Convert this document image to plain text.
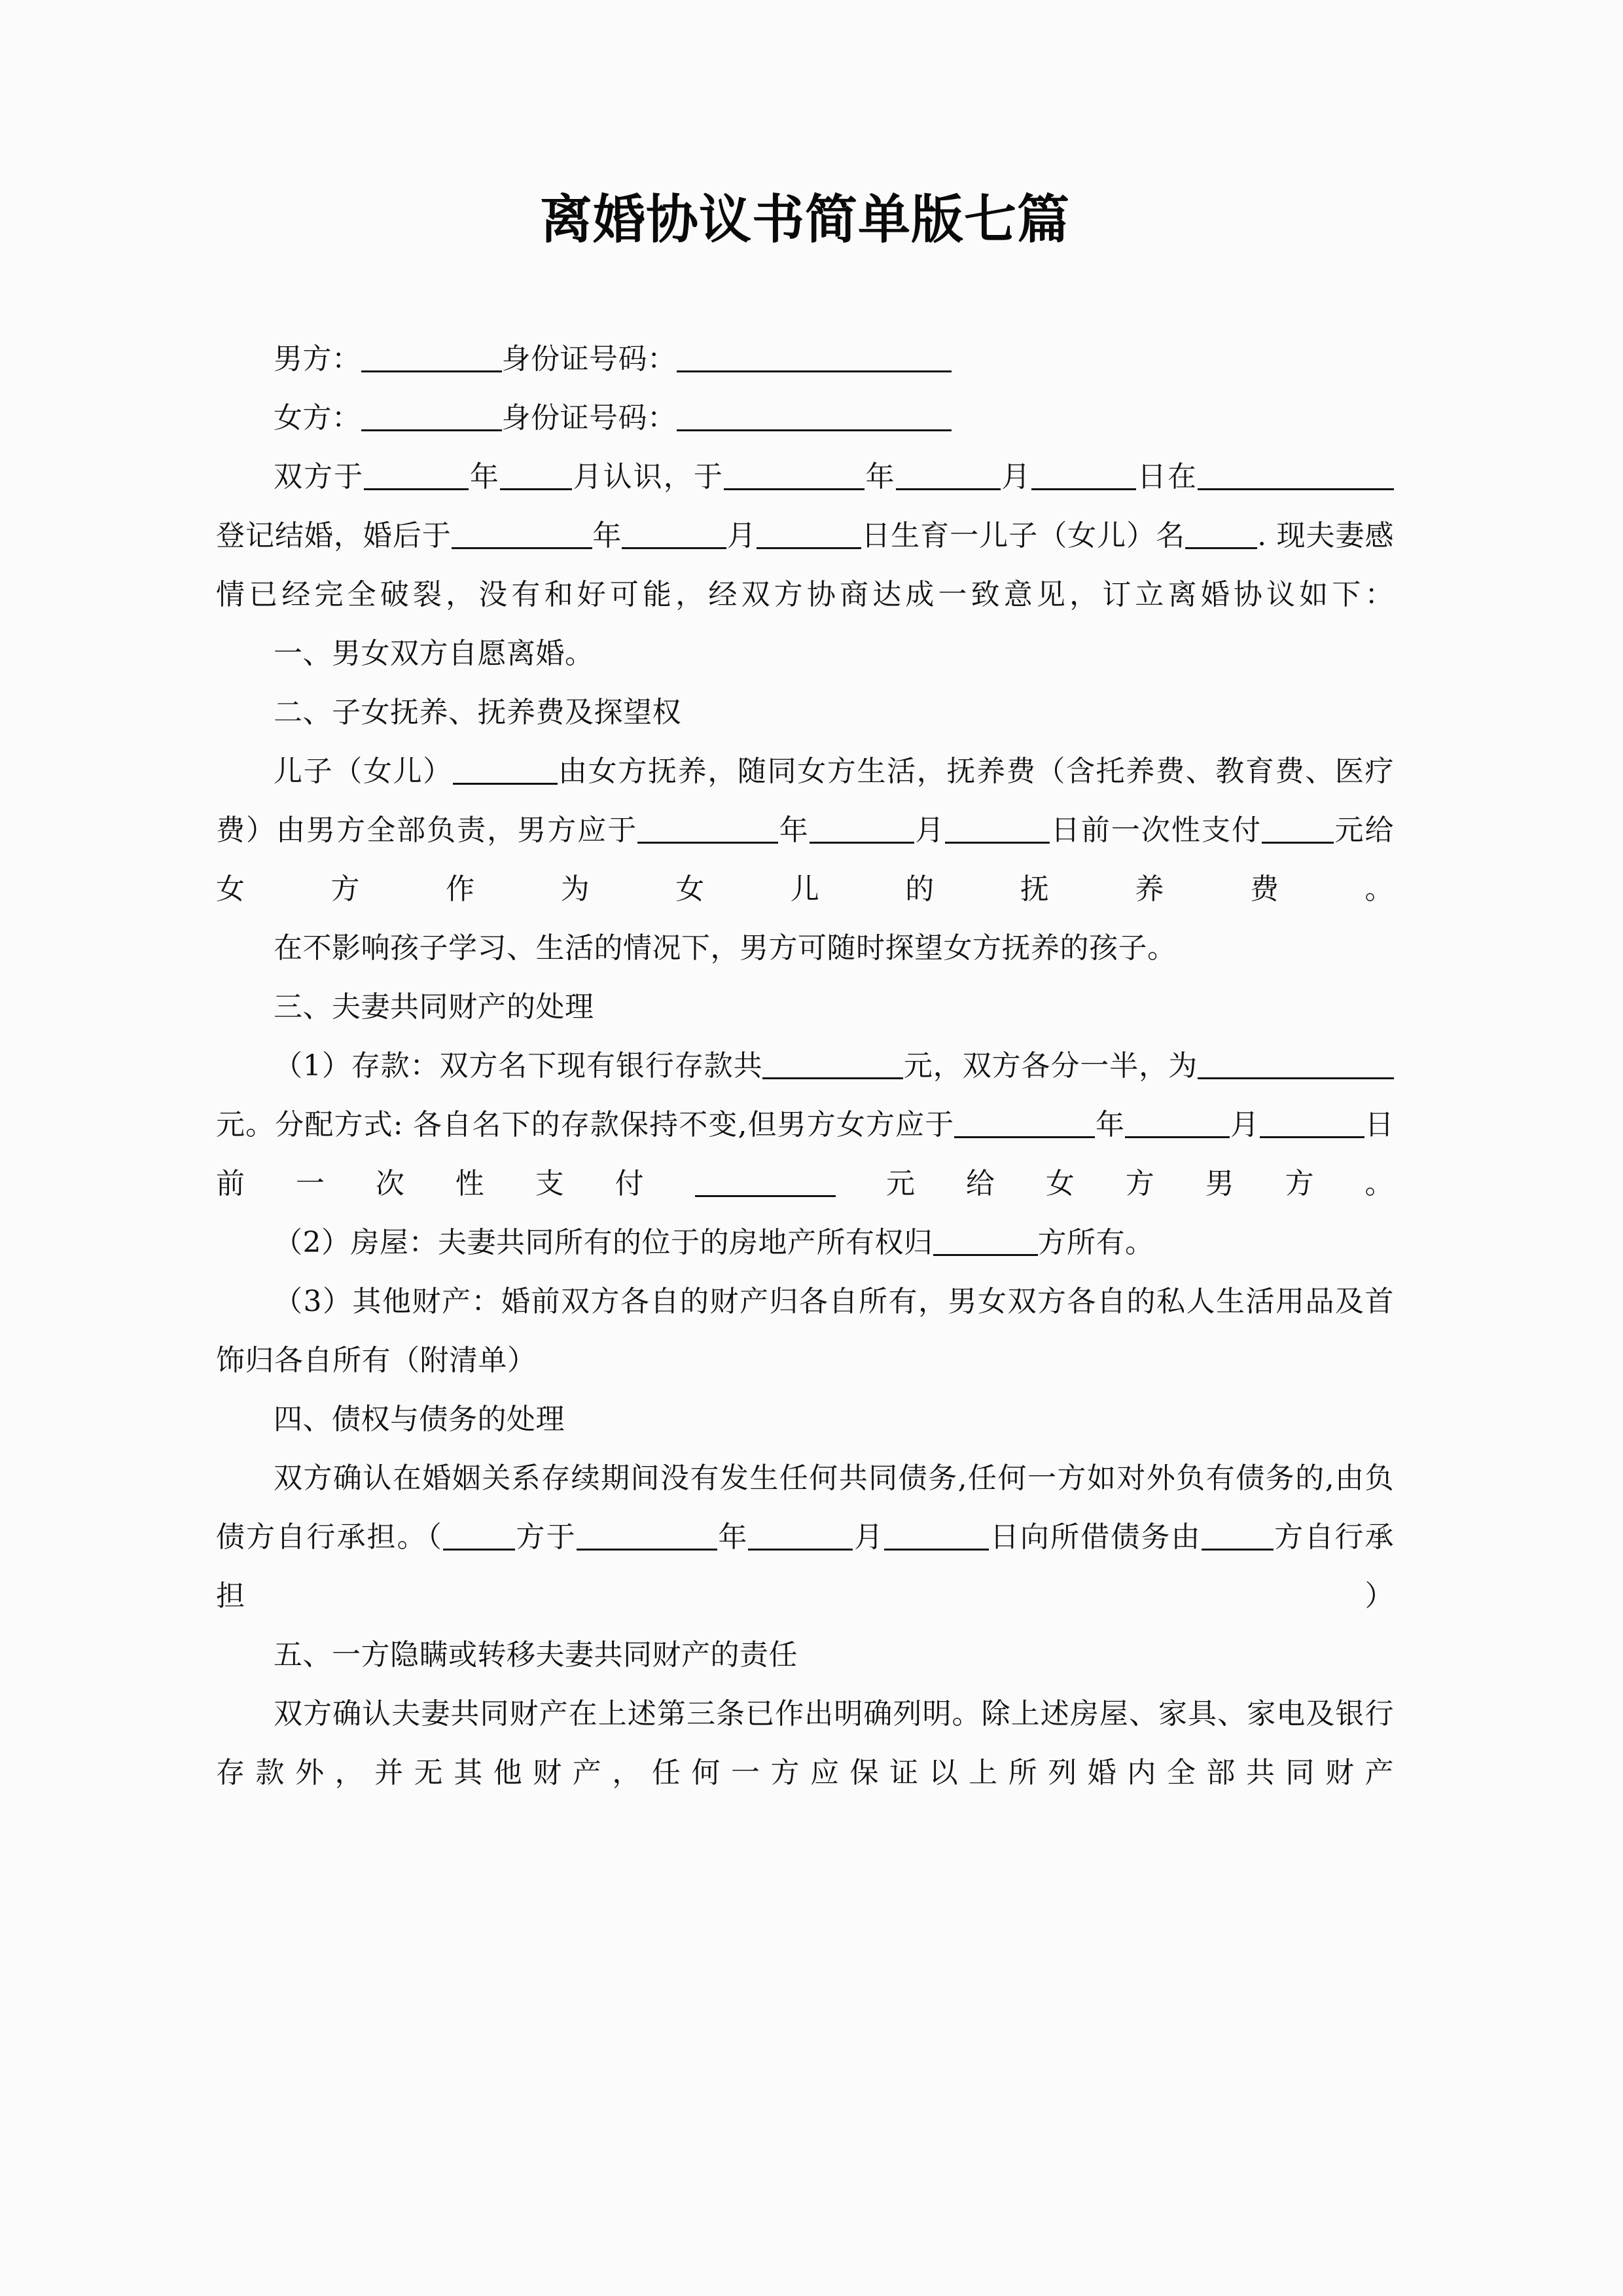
离婚协议书简单版七篇

男方：	身份证号码：

女方：	身份证号码：

双方于	年	月认识，于	年	月	日在登记结婚，婚后于	年	月	日生育一儿子（女儿）名	. 现夫妻感情已经完全破裂，没有和好可能，经双方协商达成一致意见，订立离婚协议如下：

一、男女双方自愿离婚。

二、子女抚养、抚养费及探望权

儿子（女儿）	由女方抚养，随同女方生活，抚养费（含托养费、教育费、医疗费）由男方全部负责，男方应于	年	月	日前一次性支付	元给女方作为女儿的抚养费。

在不影响孩子学习、生活的情况下，男方可随时探望女方抚养的孩子。

三、夫妻共同财产的处理

（1）存款：双方名下现有银行存款共	元，双方各分一半，为元。分配方式: 各自名下的存款保持不变,但男方女方应于	年	月	日前一次性支付	元给女方男方。

（2）房屋：夫妻共同所有的位于的房地产所有权归	方所有。

（3）其他财产：婚前双方各自的财产归各自所有，男女双方各自的私人生活用品及首饰归各自所有（附清单）

四、债权与债务的处理

双方确认在婚姻关系存续期间没有发生任何共同债务,任何一方如对外负有债务的,由负债方自行承担。（	方于	年	月	日向所借债务由	方自行承担）

五、一方隐瞒或转移夫妻共同财产的责任

双方确认夫妻共同财产在上述第三条已作出明确列明。除上述房屋、家具、家电及银行存款外，并无其他财产，任何一方应保证以上所列婚内全部共同财产
